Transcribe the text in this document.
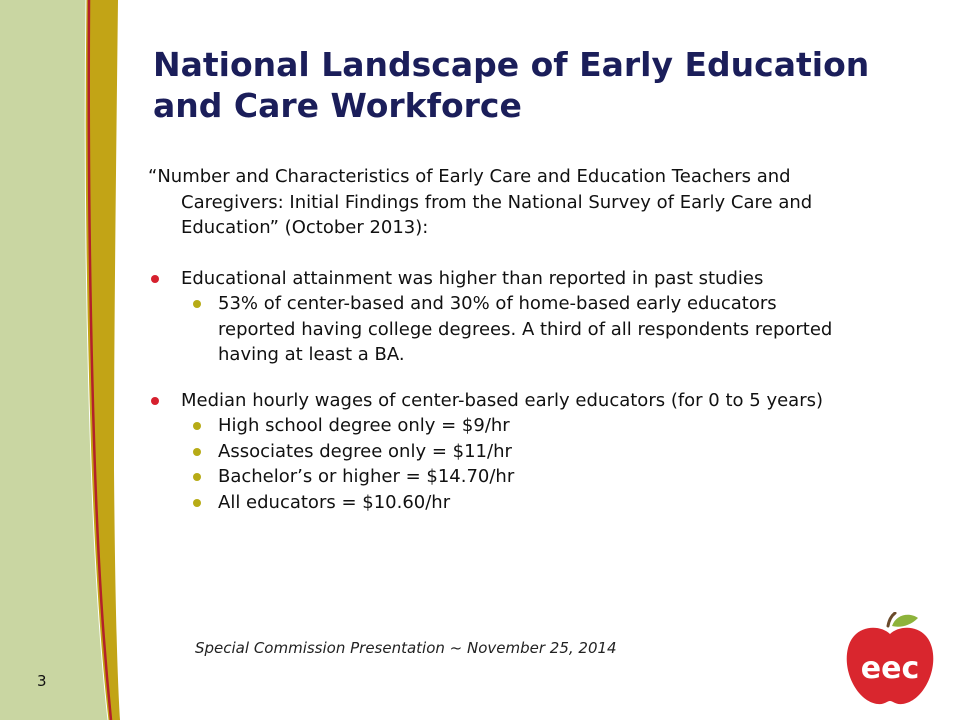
National Landscape of Early Education and Care Workforce

“Number and Characteristics of Early Care and Education Teachers and Caregivers: Initial Findings from the National Survey of Early Care and Education” (October 2013):

Educational attainment was higher than reported in past studies
53% of center-based and 30% of home-based early educators reported having college degrees. A third of all respondents reported having at least a BA.
Median hourly wages of center-based early educators (for 0 to 5 years)
High school degree only = $9/hr
Associates degree only = $11/hr
Bachelor’s or higher = $14.70/hr
All educators = $10.60/hr
Special Commission Presentation ~ November 25, 2014
3	eec
